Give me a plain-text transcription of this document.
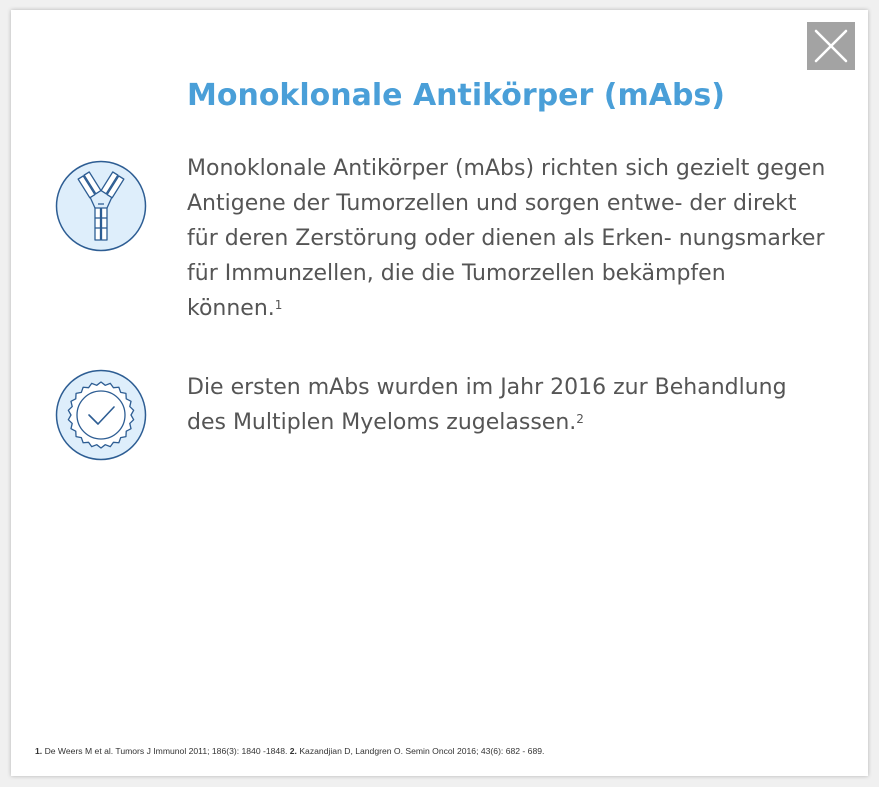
Monoklonale Antikörper (mAbs)

Monoklonale Antikörper (mAbs) richten sich gezielt gegen Antigene der Tumorzellen und sorgen entwe- der direkt für deren Zerstörung oder dienen als Erken- nungsmarker für Immunzellen, die die Tumorzellen bekämpfen können.$^1$

Die ersten mAbs wurden im Jahr 2016 zur Behandlung des Multiplen Myeloms zugelassen.$^2$

1. De Weers M et al. Tumors J Immunol 2011; 186(3): 1840 -1848. 2. Kazandjian D, Landgren O. Semin Oncol 2016; 43(6): 682 - 689.
